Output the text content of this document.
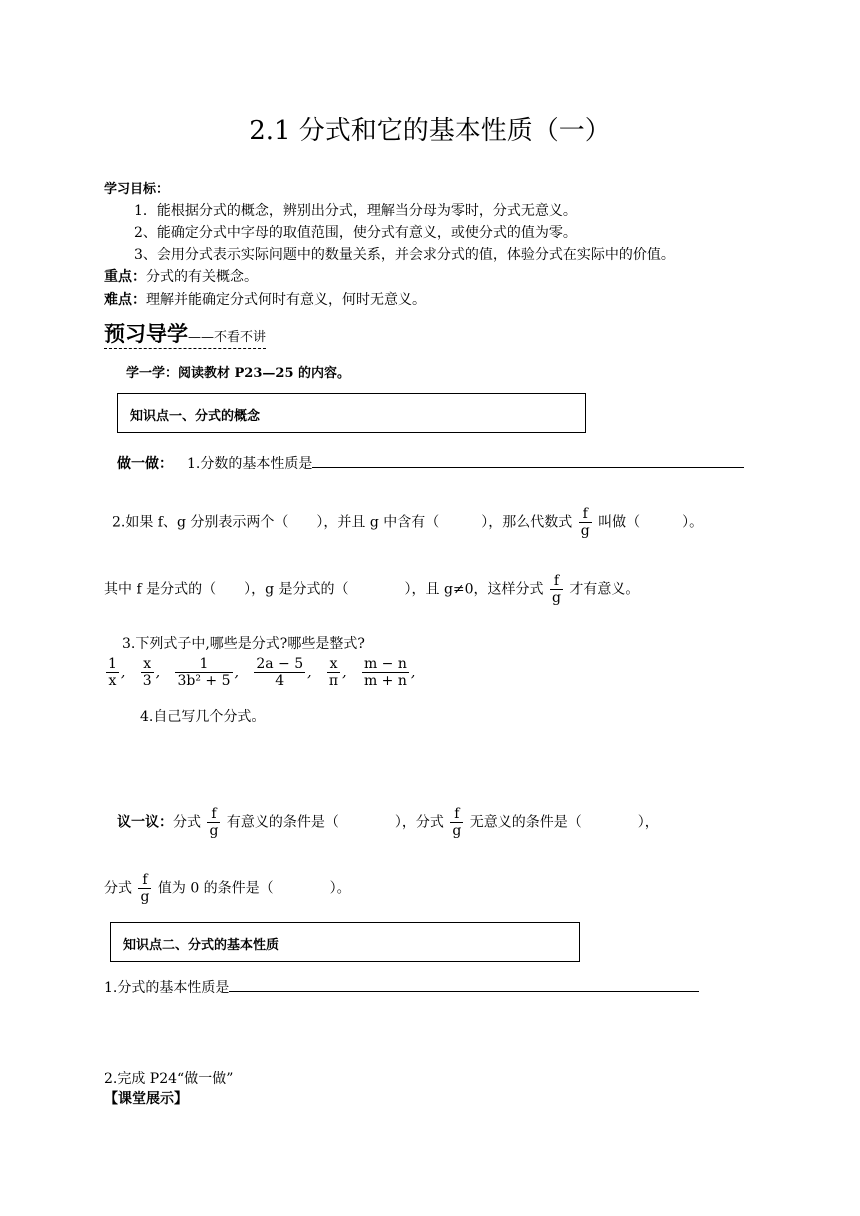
2.1 分式和它的基本性质（一）
学习目标：
1．能根据分式的概念，辨别出分式，理解当分母为零时，分式无意义。
2、能确定分式中字母的取值范围，使分式有意义，或使分式的值为零。
3、会用分式表示实际问题中的数量关系，并会求分式的值，体验分式在实际中的价值。
重点：分式的有关概念。
难点：理解并能确定分式何时有意义，何时无意义。
预习导学——不看不讲
学一学：阅读教材 P23—25 的内容。
知识点一、分式的概念
做一做： 1.分数的基本性质是
2.如果 f、g 分别表示两个（　　），并且 g 中含有（　　　），那么代数式 $\frac{f}{g}$ 叫做（　　　）。
其中 f 是分式的（　　），g 是分式的（　　　　），且 g≠0，这样分式 $\frac{f}{g}$ 才有意义。
3.下列式子中,哪些是分式?哪些是整式?
$\frac{1}{x}$ , $\frac{x}{3}$ , $\frac{1}{\text{3b² + 5}}$ , $\frac{2a - 5}{4}$ , $\frac{x}{\pi}$ , $\frac{m - n}{m + n}$ ,
4.自己写几个分式。
议一议：分式 $\frac{f}{g}$ 有意义的条件是（　　　　），分式 $\frac{f}{g}$ 无意义的条件是（　　　　），
分式 $\frac{f}{g}$ 值为 0 的条件是（　　　　）。
知识点二、分式的基本性质
1.分式的基本性质是
2.完成 P24“做一做”
【课堂展示】
